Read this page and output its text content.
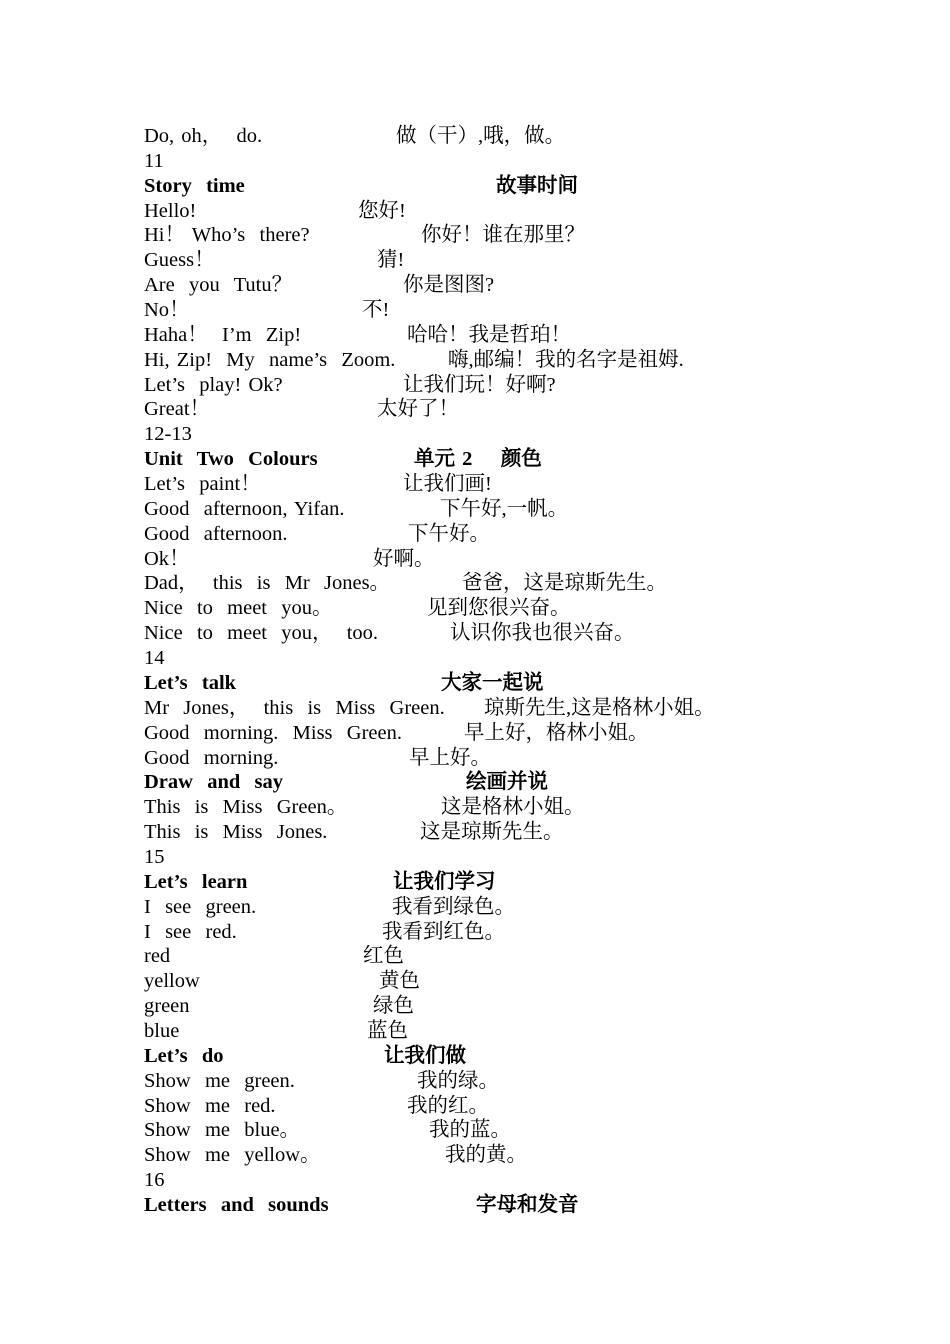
Do, oh，  do.	做（干）,哦，做。
11
Story  time	故事时间
Hello!	您好!
Hi！ Who’s  there?	你好！谁在那里？
Guess！	猜!
Are  you  Tutu？	你是图图?
No！	不!
Haha！  I’m  Zip!	哈哈！我是哲珀！
Hi, Zip!  My  name’s  Zoom.	嗨,邮编！我的名字是祖姆.
Let’s  play! Ok?	让我们玩！好啊?
Great！	太好了！
12-13
Unit  Two  Colours	单元 2    颜色
Let’s  paint！	让我们画!
Good  afternoon, Yifan.	下午好,一帆。
Good  afternoon.	下午好。
Ok！	好啊。
Dad，  this  is  Mr  Jones。	爸爸，这是琼斯先生。
Nice  to  meet  you。	见到您很兴奋。
Nice  to  meet  you，  too.	认识你我也很兴奋。
14
Let’s  talk	大家一起说
Mr  Jones，  this  is  Miss  Green. 琼斯先生,这是格林小姐。
Good  morning.  Miss  Green.	早上好，格林小姐。
Good  morning.	早上好。
Draw  and  say	绘画并说
This  is  Miss  Green。	这是格林小姐。
This  is  Miss  Jones.	这是琼斯先生。
15
Let’s  learn	让我们学习
I  see  green.	我看到绿色。
I  see  red.	我看到红色。
red	红色
yellow	黄色
green	绿色
blue	蓝色
Let’s  do	让我们做
Show  me  green.	我的绿。
Show  me  red.	我的红。
Show  me  blue。	我的蓝。
Show  me  yellow。	我的黄。
16
Letters  and  sounds	字母和发音
